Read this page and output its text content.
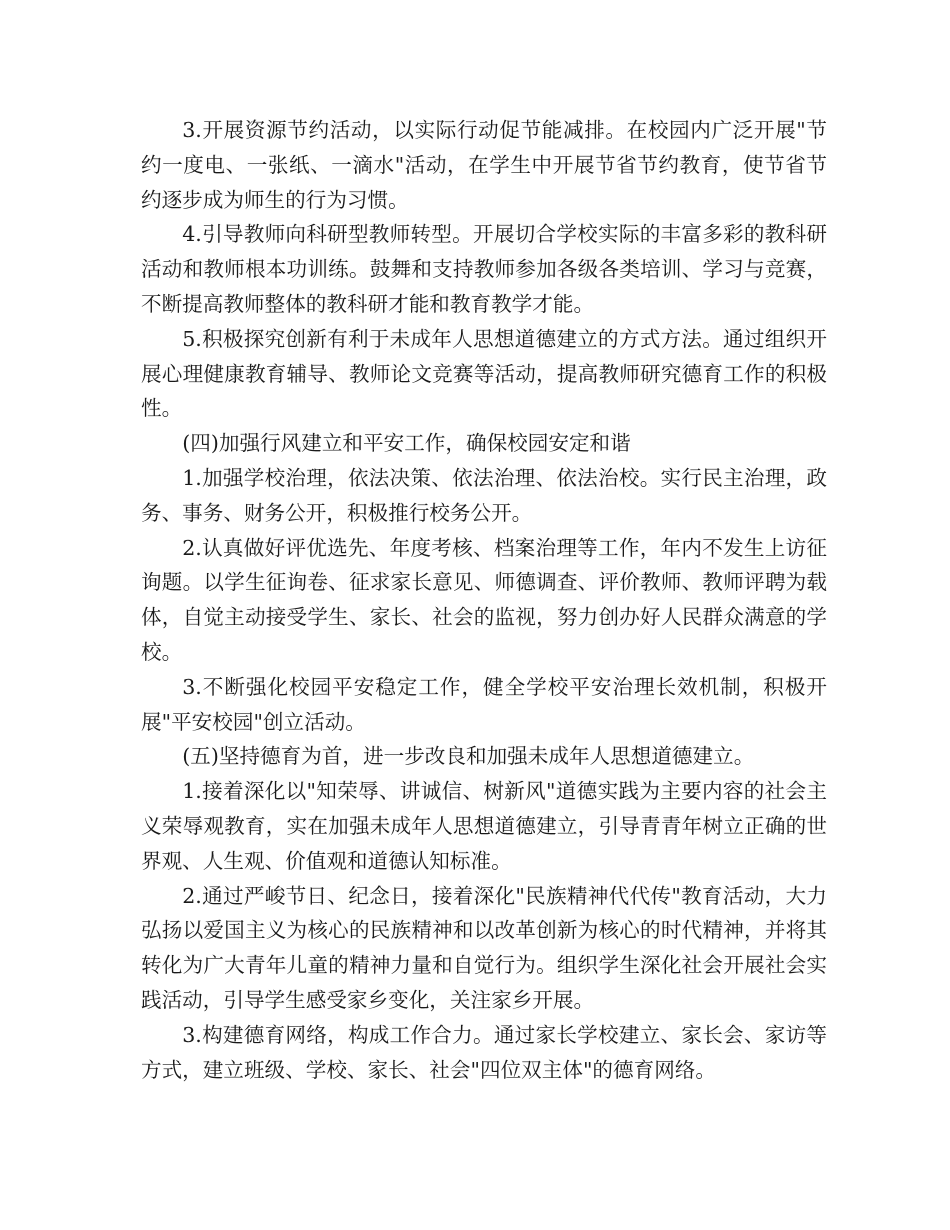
3.开展资源节约活动，以实际行动促节能减排。在校园内广泛开展"节约一度电、一张纸、一滴水"活动，在学生中开展节省节约教育，使节省节约逐步成为师生的行为习惯。

4.引导教师向科研型教师转型。开展切合学校实际的丰富多彩的教科研活动和教师根本功训练。鼓舞和支持教师参加各级各类培训、学习与竞赛，不断提高教师整体的教科研才能和教育教学才能。

5.积极探究创新有利于未成年人思想道德建立的方式方法。通过组织开展心理健康教育辅导、教师论文竞赛等活动，提高教师研究德育工作的积极性。

(四)加强行风建立和平安工作，确保校园安定和谐

1.加强学校治理，依法决策、依法治理、依法治校。实行民主治理，政务、事务、财务公开，积极推行校务公开。

2.认真做好评优选先、年度考核、档案治理等工作，年内不发生上访征询题。以学生征询卷、征求家长意见、师德调查、评价教师、教师评聘为载体，自觉主动接受学生、家长、社会的监视，努力创办好人民群众满意的学校。

3.不断强化校园平安稳定工作，健全学校平安治理长效机制，积极开展"平安校园"创立活动。

(五)坚持德育为首，进一步改良和加强未成年人思想道德建立。

1.接着深化以"知荣辱、讲诚信、树新风"道德实践为主要内容的社会主义荣辱观教育，实在加强未成年人思想道德建立，引导青青年树立正确的世界观、人生观、价值观和道德认知标准。

2.通过严峻节日、纪念日，接着深化"民族精神代代传"教育活动，大力弘扬以爱国主义为核心的民族精神和以改革创新为核心的时代精神，并将其转化为广大青年儿童的精神力量和自觉行为。组织学生深化社会开展社会实践活动，引导学生感受家乡变化，关注家乡开展。

3.构建德育网络，构成工作合力。通过家长学校建立、家长会、家访等方式，建立班级、学校、家长、社会"四位双主体"的德育网络。
